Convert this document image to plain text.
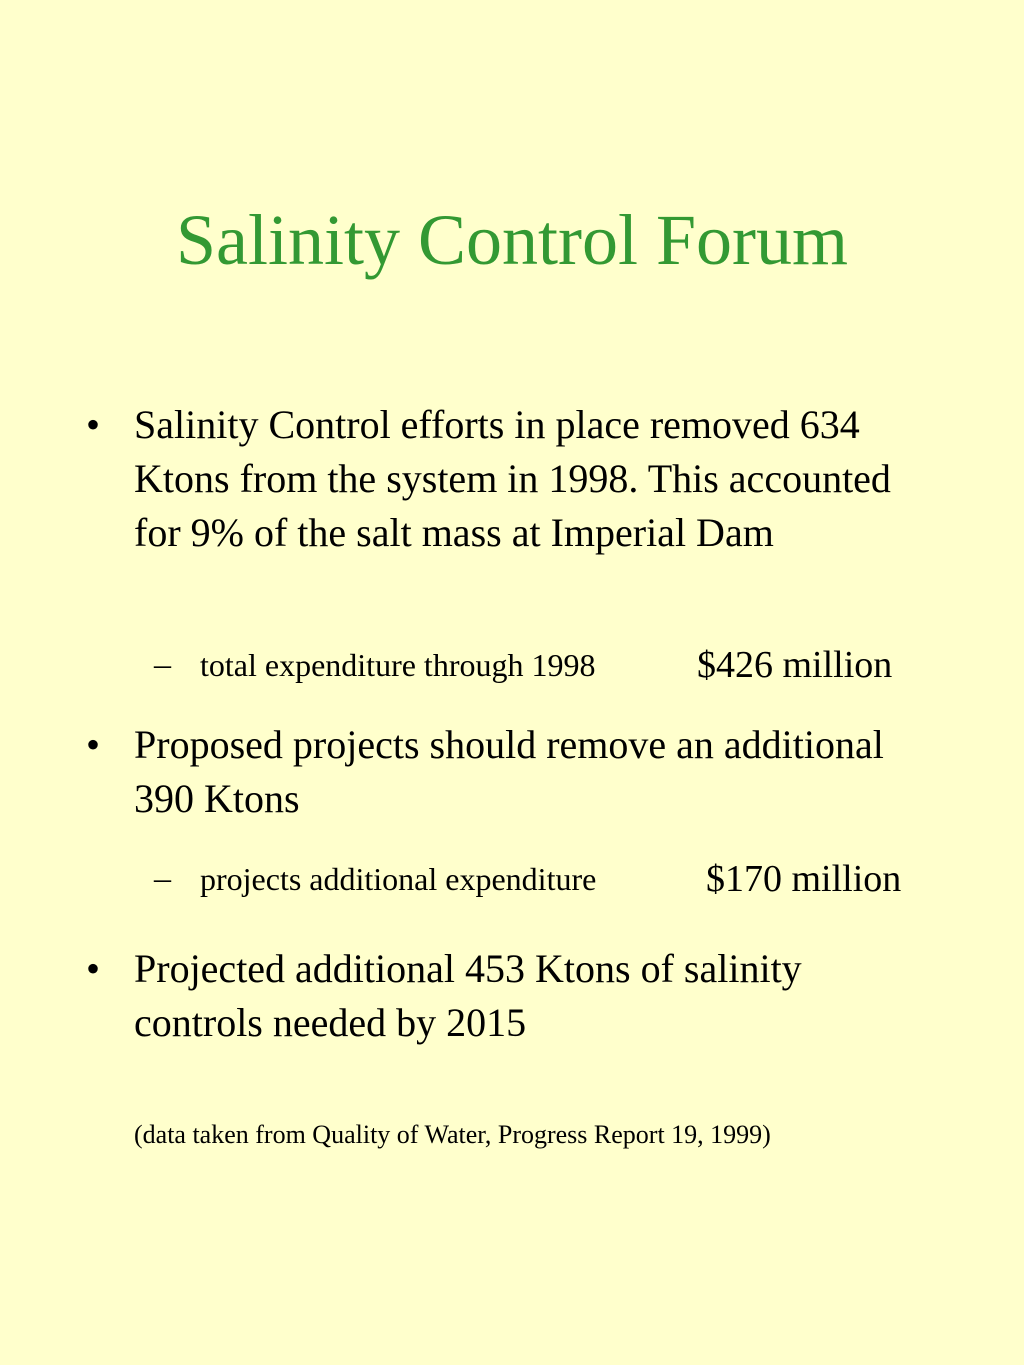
Salinity Control Forum
• Salinity Control efforts in place removed 634 Ktons from the system in 1998. This accounted for 9% of the salt mass at Imperial Dam

– total expenditure through 1998	$426 million
• Proposed projects should remove an additional 390 Ktons

– projects additional expenditure	$170 million
• Projected additional 453 Ktons of salinity controls needed by 2015

(data taken from Quality of Water, Progress Report 19, 1999)
